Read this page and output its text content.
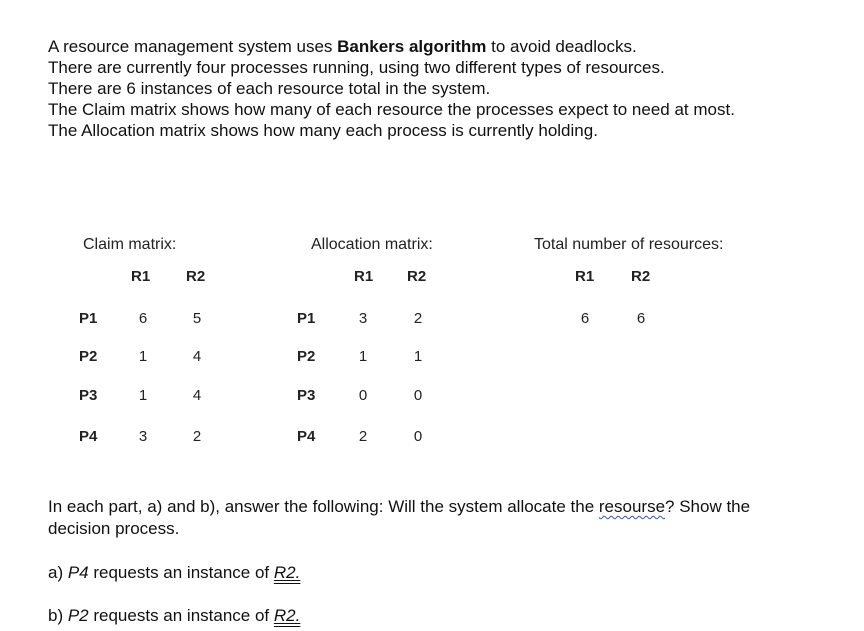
A resource management system uses Bankers algorithm to avoid deadlocks.
There are currently four processes running, using two different types of resources.
There are 6 instances of each resource total in the system.
The Claim matrix shows how many of each resource the processes expect to need at most.
The Allocation matrix shows how many each process is currently holding.
Claim matrix:
R1 R2
P1	6	5
P2	1	4
P3	1	4
P4	3	2
Allocation matrix:
R1 R2
P1	3	2
P2	1	1
P3	0	0
P4	2	0
Total number of resources:
R1 R2
6	6
In each part, a) and b), answer the following: Will the system allocate the resourse? Show the decision process.
a) P4 requests an instance of R2.
b) P2 requests an instance of R2.
